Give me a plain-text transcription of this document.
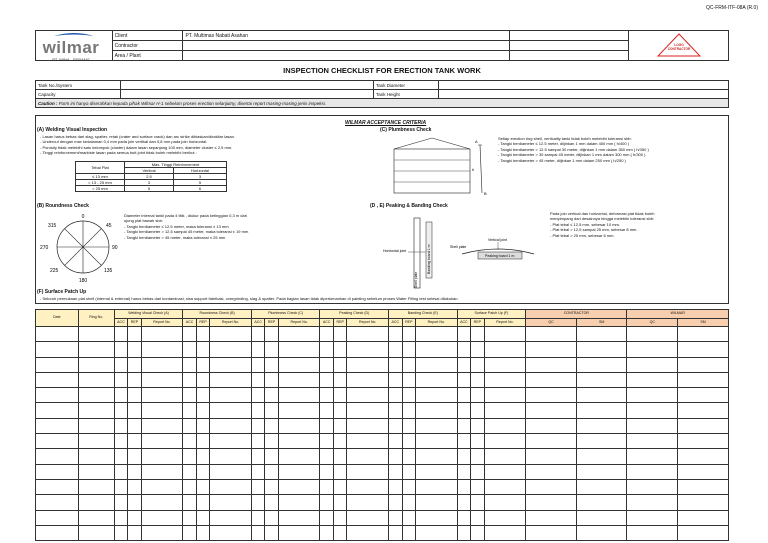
QC-FRM-ITF-08A (R.0)
	Client	PT. Multimas Nabati Asahan		
	Contractor			
	Area / Plant			
wilmar
PT. WINA - SERANG
LOGO
CONTRACTOR
INSPECTION CHECKLIST FOR ERECTION TANK WORK
Tank No./System		Tank Diameter	
Capacity		Tank Height	
Caution : Form ini hanya diserahkan kepada pihak Wilmar H-1 sebelum proses erection selanjutny, disertai report masing-masing jenis inspeksi.			
WILMAR ACCEPTANCE CRITERIA
(A) Welding Visual Inspection
- Lasan harus bebas dari slag, spatter, retak (crater and surface crack) dan arc strike dibiaskan/dirakitar lasan.
- Undercut dengan max kedalaman 0,4 mm pada join vertikal dan 0,8 mm pada join horizontal.
- Porosity tidak melebihi satu kelompok (cluster) dalam lasan sepanjang 100 mm, diameter cluster ≤ 2,5 mm.
- Tinggi reinforcement/markiste lasan pada semua butt joint tidak boleh melebihi berikut :
Tebal Plat	Max. Tinggi Reinforcement	
	Vertical	Horizontal
≤ 13 mm	2.5	3
> 13 - 25 mm	3	5
> 25 mm	5	6
(B) Roundness Check
0
45
90
135
180
225
270
315
Diameter internal tanki pada 4 titik , diukur pada ketinggian 0,3 m dari
ujung plat bawah sbb:
- Tangki berdiameter ≤ 12.5 meter, maka toleransi ± 13 mm
- Tangki berdiameter > 12.5 sampai 45 meter, maka toleransi ± 19 mm
- Tangki berdiameter > 45 meter, maka toleransi ± 25 mm
(C) Plumbness Check
A
B
h
Setiap erection ring shell, verticality tanki tidak boleh melebihi toleransi sbb:
- Tangki berdiameter ≤ 12.5 meter, diijinkan 1 mm dalam 400 mm ( h/400 )
- Tangki berdiameter > 12.5 sampai 30 meter, diijinkan 1 mm dalam 350 mm ( h/350 )
- Tangki berdiameter > 30 sampai 45 meter, diijinkan 1 mm dalam 300 mm ( h/300 )
- Tangki berdiameter > 45 meter, diijinkan 1 mm dalam 250 mm ( h/250 )
(D , E) Peaking & Banding Check
Horizontal joint	Banding board 1 m
Shell plate
Shell plate
Vertical joint
Peaking board 1 m
Pada join vertical dan horizontal, deformasi plat tidak boleh
menyimpang dari desainnya hingga melebihi toleransi sbb:
- Plat tebal ≤ 12,5 mm, sebesar 10 mm.
- Plat tebal > 12,5 sampai 25 mm, sebesar 8 mm.
- Plat tebal > 25 mm, sebesar 6 mm.
(F) Surface Patch Up
- Seluruh permukaan plat shell (internal & external) harus bebas dari kontaminasi, sisa support fabrikasi, overgrinding, slag & spatter. Pada bagian lasan tidak diperkenankan di painting sebelum proses Water Filling test selesai dilakukan.
Date	Ring No.	Welding Visual Check (A)			Roundness Check (B)			Plumbness Check (C)			Peaking Check (D)			Banding Check (E)			Surface Patch Up (F)			CONTRACTOR		WILMAR	
		ACC	REP	Report No.	ACC	REP	Report No.	ACC	REP	Report No.	ACC	REP	Report No.	ACC	REP	Report No.	ACC	REP	Report No.	QC	SM	QC	SM
